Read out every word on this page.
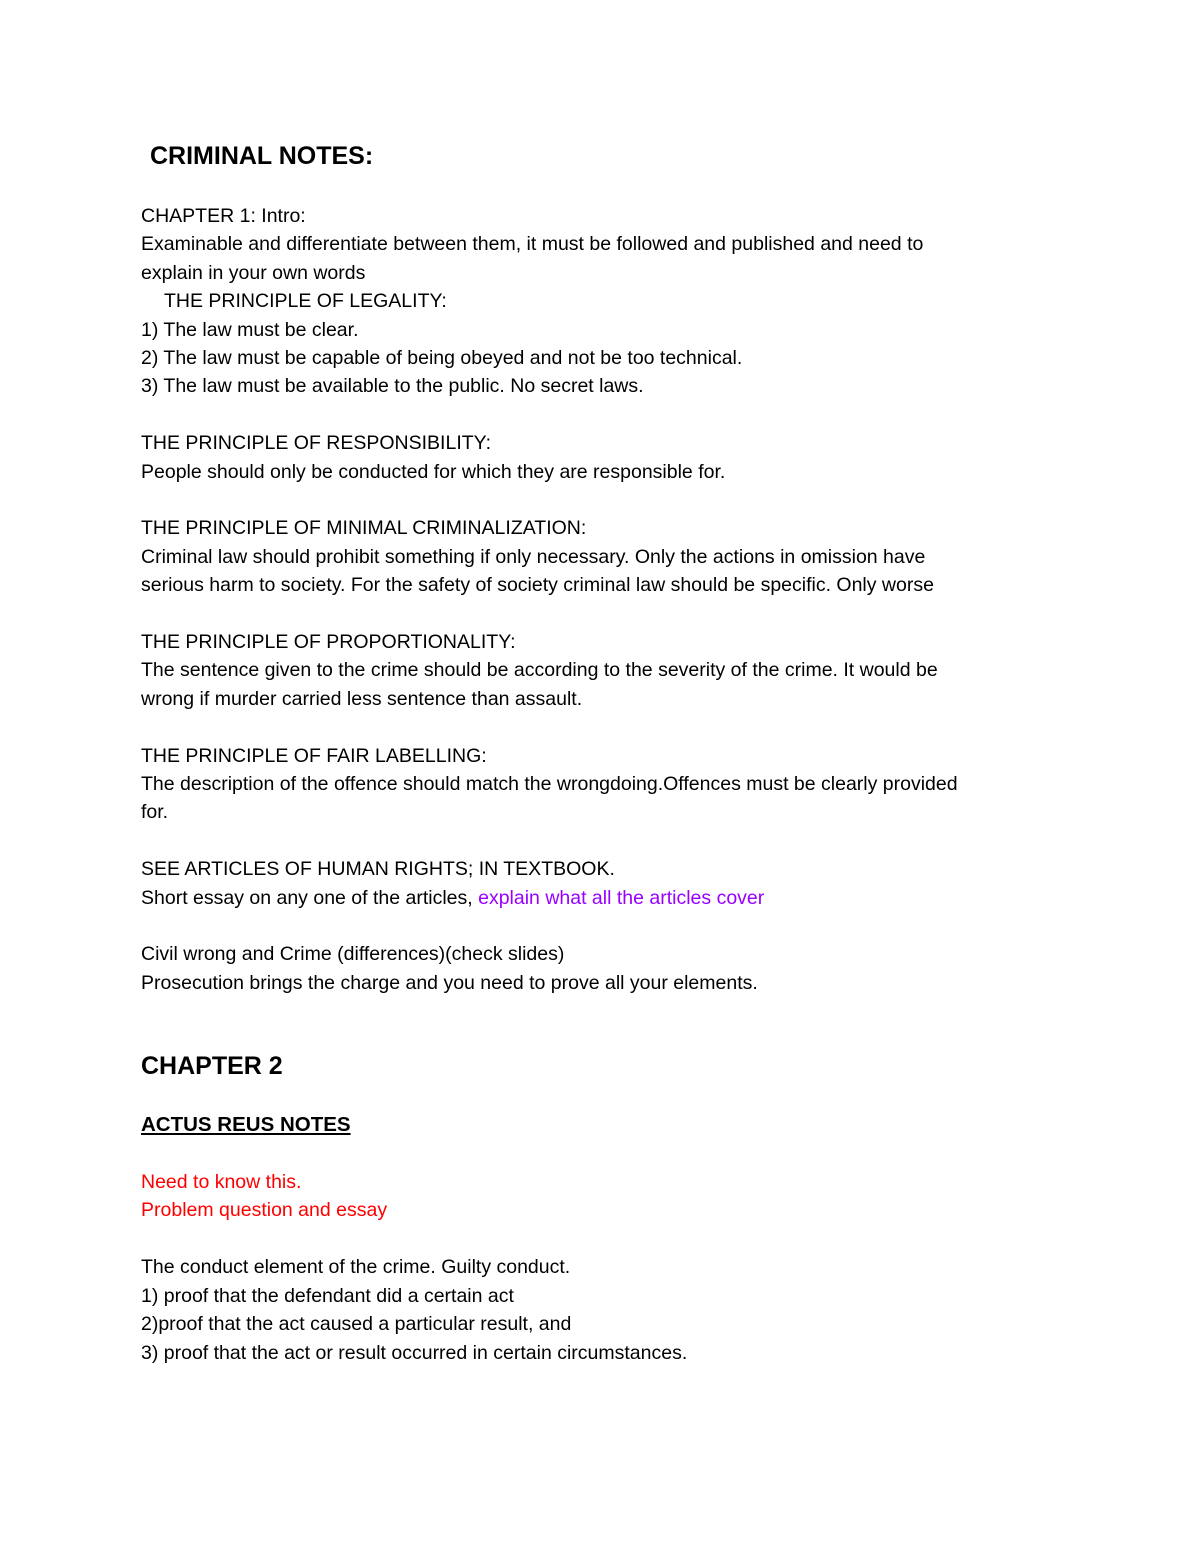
CRIMINAL NOTES:
CHAPTER 1: Intro:
Examinable and differentiate between them, it must be followed and published and need to
explain in your own words
THE PRINCIPLE OF LEGALITY:
1) The law must be clear.
2) The law must be capable of being obeyed and not be too technical.
3) The law must be available to the public. No secret laws.
THE PRINCIPLE OF RESPONSIBILITY:
People should only be conducted for which they are responsible for.
THE PRINCIPLE OF MINIMAL CRIMINALIZATION:
Criminal law should prohibit something if only necessary. Only the actions in omission have
serious harm to society. For the safety of society criminal law should be specific. Only worse
THE PRINCIPLE OF PROPORTIONALITY:
The sentence given to the crime should be according to the severity of the crime. It would be
wrong if murder carried less sentence than assault.
THE PRINCIPLE OF FAIR LABELLING:
The description of the offence should match the wrongdoing.Offences must be clearly provided
for.
SEE ARTICLES OF HUMAN RIGHTS; IN TEXTBOOK.
Short essay on any one of the articles, explain what all the articles cover
Civil wrong and Crime (differences)(check slides)
Prosecution brings the charge and you need to prove all your elements.
CHAPTER 2
ACTUS REUS NOTES
Need to know this.
Problem question and essay
The conduct element of the crime. Guilty conduct.
1) proof that the defendant did a certain act
2)proof that the act caused a particular result, and
3) proof that the act or result occurred in certain circumstances.
